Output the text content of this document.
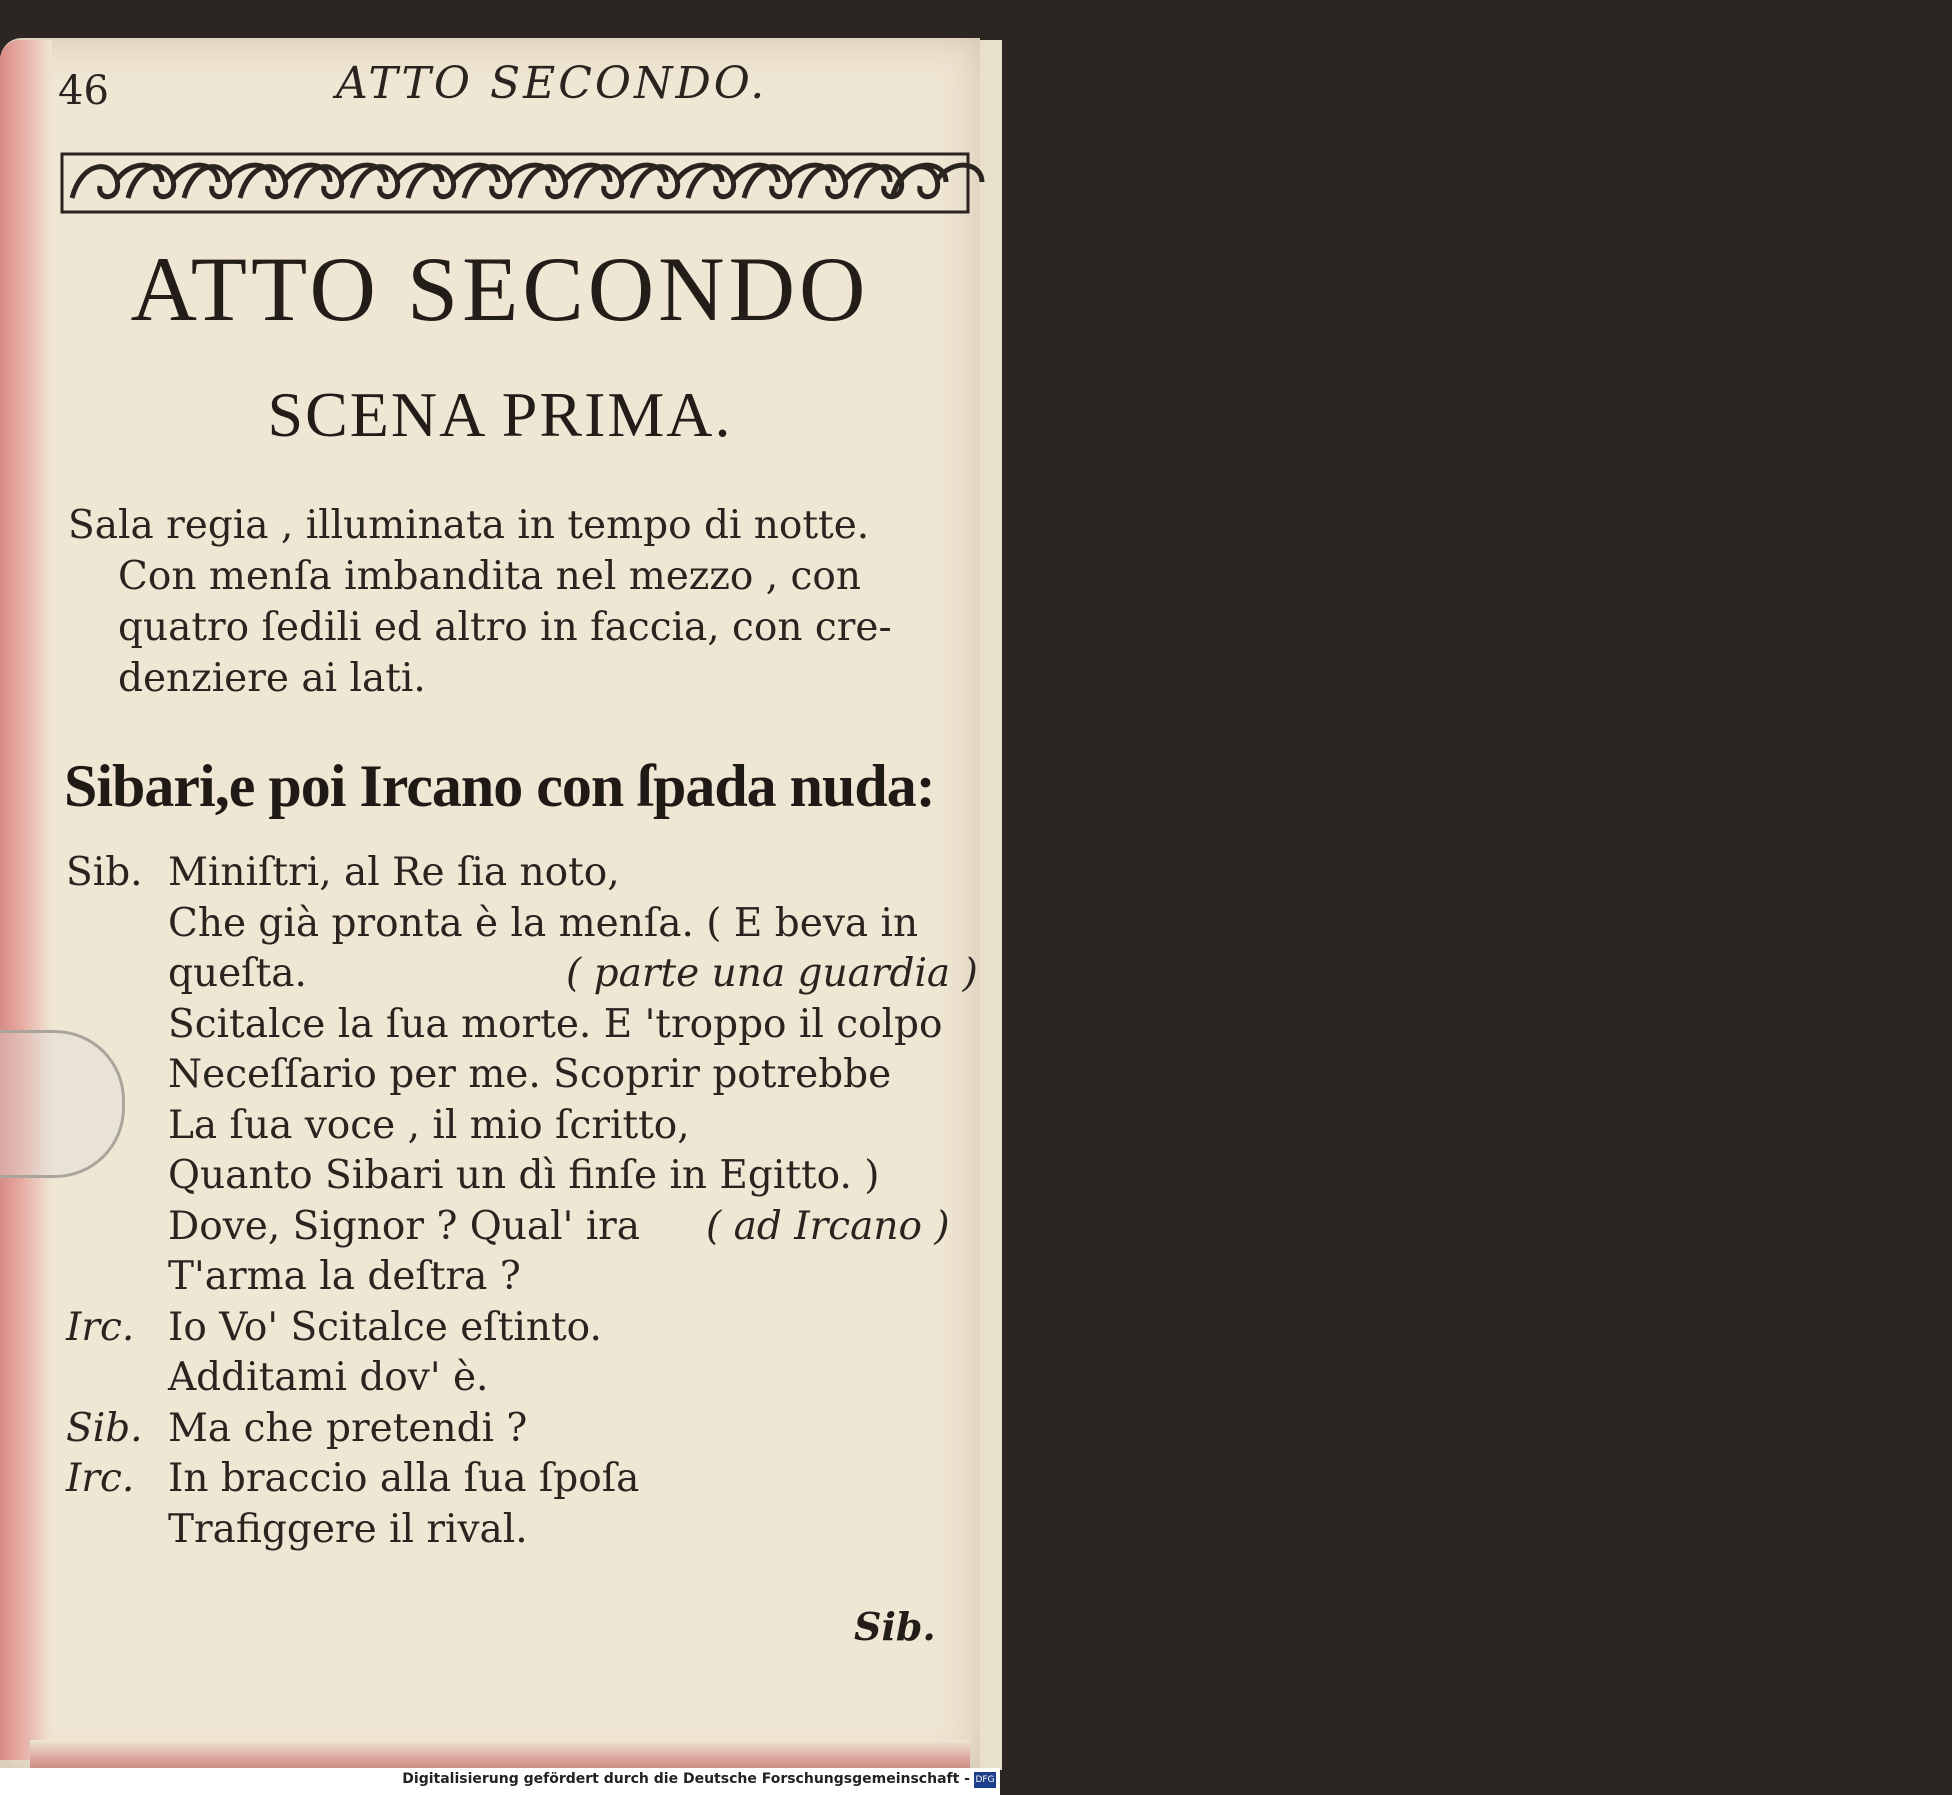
Cir
Gib
46	ATTO SECONDO.
ATTO SECONDO
SCENA PRIMA.
Sala regia , illuminata in tempo di notte.
Con menſa imbandita nel mezzo , con
quatro ſedili ed altro in faccia, con cre-
denziere ai lati.
Sibari,e poi Ircano con ſpada nuda:
Sib. Miniſtri, al Re ſia noto,
Che già pronta è la menſa. ( E beva in
queſta.	( parte una guardia )
Scitalce la ſua morte. E 'troppo il colpo
Neceſſario per me. Scoprir potrebbe
La ſua voce , il mio ſcritto,
Quanto Sibari un dì finſe in Egitto. )
Dove, Signor ? Qual' ira ( ad Ircano )
T'arma la deſtra ?
Irc. Io Vo' Scitalce eſtinto.
Additami dov' è.
Sib. Ma che pretendi ?
Irc. In braccio alla ſua ſpoſa
Trafiggere il rival.
Sib.
Digitalisierung gefördert durch die Deutsche Forschungsgemeinschaft - DFG
